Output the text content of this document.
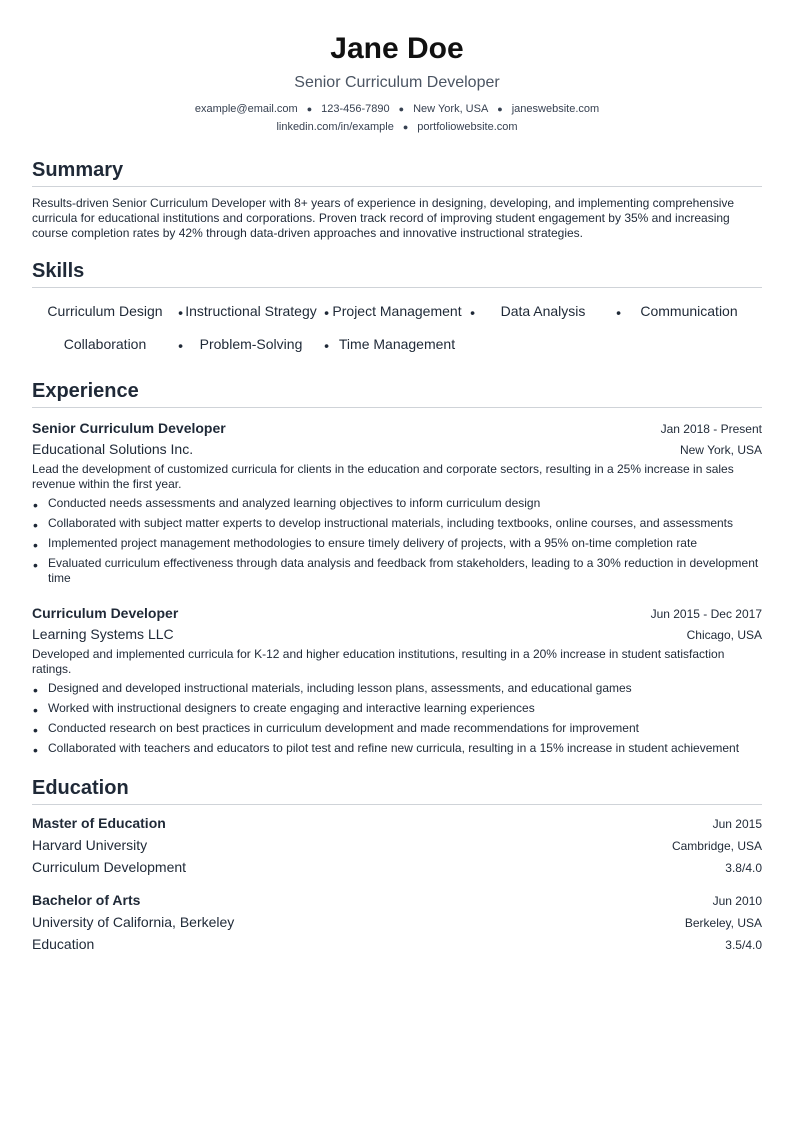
Jane Doe
Senior Curriculum Developer
example@email.com ● 123-456-7890 ● New York, USA ● janeswebsite.com
linkedin.com/in/example ● portfoliowebsite.com
Summary
Results-driven Senior Curriculum Developer with 8+ years of experience in designing, developing, and implementing comprehensive curricula for educational institutions and corporations. Proven track record of improving student engagement by 35% and increasing course completion rates by 42% through data-driven approaches and innovative instructional strategies.
Skills
Curriculum Design •	Instructional Strategy •	Project Management •	Data Analysis •	Communication
Collaboration •	Problem-Solving •	Time Management
Experience
Senior Curriculum Developer	Jan 2018 - Present
Educational Solutions Inc.	New York, USA
Lead the development of customized curricula for clients in the education and corporate sectors, resulting in a 25% increase in sales revenue within the first year.
• Conducted needs assessments and analyzed learning objectives to inform curriculum design
• Collaborated with subject matter experts to develop instructional materials, including textbooks, online courses, and assessments
• Implemented project management methodologies to ensure timely delivery of projects, with a 95% on-time completion rate
• Evaluated curriculum effectiveness through data analysis and feedback from stakeholders, leading to a 30% reduction in development time
Curriculum Developer	Jun 2015 - Dec 2017
Learning Systems LLC	Chicago, USA
Developed and implemented curricula for K-12 and higher education institutions, resulting in a 20% increase in student satisfaction ratings.
• Designed and developed instructional materials, including lesson plans, assessments, and educational games
• Worked with instructional designers to create engaging and interactive learning experiences
• Conducted research on best practices in curriculum development and made recommendations for improvement
• Collaborated with teachers and educators to pilot test and refine new curricula, resulting in a 15% increase in student achievement
Education
Master of Education	Jun 2015
Harvard University	Cambridge, USA
Curriculum Development	3.8/4.0
Bachelor of Arts	Jun 2010
University of California, Berkeley	Berkeley, USA
Education	3.5/4.0
